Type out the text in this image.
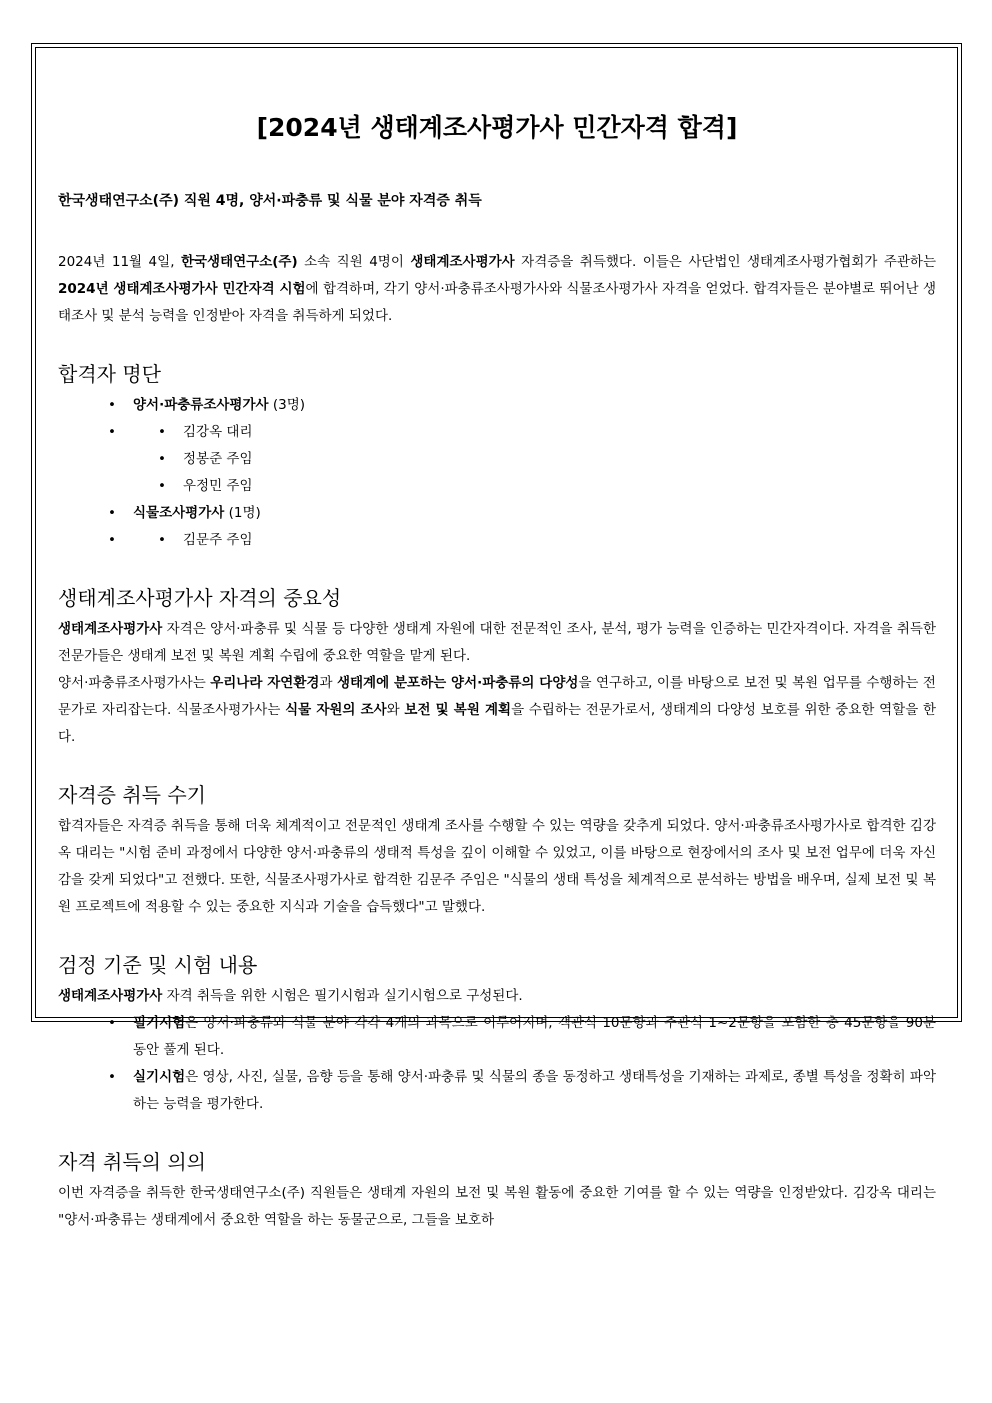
[2024년 생태계조사평가사 민간자격 합격]
한국생태연구소(주) 직원 4명, 양서·파충류 및 식물 분야 자격증 취득

2024년 11월 4일, 한국생태연구소(주) 소속 직원 4명이 생태계조사평가사 자격증을 취득했다. 이들은 사단법인 생태계조사평가협회가 주관하는 2024년 생태계조사평가사 민간자격 시험에 합격하며, 각기 양서·파충류조사평가사와 식물조사평가사 자격을 얻었다. 합격자들은 분야별로 뛰어난 생태조사 및 분석 능력을 인정받아 자격을 취득하게 되었다.

합격자 명단
• 양서·파충류조사평가사 (3명)
• • 김강옥 대리
• 정봉준 주임
• 우정민 주임
• 식물조사평가사 (1명)
• • 김문주 주임
생태계조사평가사 자격의 중요성

생태계조사평가사 자격은 양서·파충류 및 식물 등 다양한 생태계 자원에 대한 전문적인 조사, 분석, 평가 능력을 인증하는 민간자격이다. 자격을 취득한 전문가들은 생태계 보전 및 복원 계획 수립에 중요한 역할을 맡게 된다.

양서·파충류조사평가사는 우리나라 자연환경과 생태계에 분포하는 양서·파충류의 다양성을 연구하고, 이를 바탕으로 보전 및 복원 업무를 수행하는 전문가로 자리잡는다. 식물조사평가사는 식물 자원의 조사와 보전 및 복원 계획을 수립하는 전문가로서, 생태계의 다양성 보호를 위한 중요한 역할을 한다.

자격증 취득 수기

합격자들은 자격증 취득을 통해 더욱 체계적이고 전문적인 생태계 조사를 수행할 수 있는 역량을 갖추게 되었다. 양서·파충류조사평가사로 합격한 김강옥 대리는 "시험 준비 과정에서 다양한 양서·파충류의 생태적 특성을 깊이 이해할 수 있었고, 이를 바탕으로 현장에서의 조사 및 보전 업무에 더욱 자신감을 갖게 되었다"고 전했다. 또한, 식물조사평가사로 합격한 김문주 주임은 "식물의 생태 특성을 체계적으로 분석하는 방법을 배우며, 실제 보전 및 복원 프로젝트에 적용할 수 있는 중요한 지식과 기술을 습득했다"고 말했다.

검정 기준 및 시험 내용

생태계조사평가사 자격 취득을 위한 시험은 필기시험과 실기시험으로 구성된다.

• 필기시험은 양서·파충류와 식물 분야 각각 4개의 과목으로 이루어지며, 객관식 10문항과 주관식 1~2문항을 포함한 총 45문항을 90분 동안 풀게 된다.
• 실기시험은 영상, 사진, 실물, 음향 등을 통해 양서·파충류 및 식물의 종을 동정하고 생태특성을 기재하는 과제로, 종별 특성을 정확히 파악하는 능력을 평가한다.
자격 취득의 의의

이번 자격증을 취득한 한국생태연구소(주) 직원들은 생태계 자원의 보전 및 복원 활동에 중요한 기여를 할 수 있는 역량을 인정받았다. 김강옥 대리는 "양서·파충류는 생태계에서 중요한 역할을 하는 동물군으로, 그들을 보호하
